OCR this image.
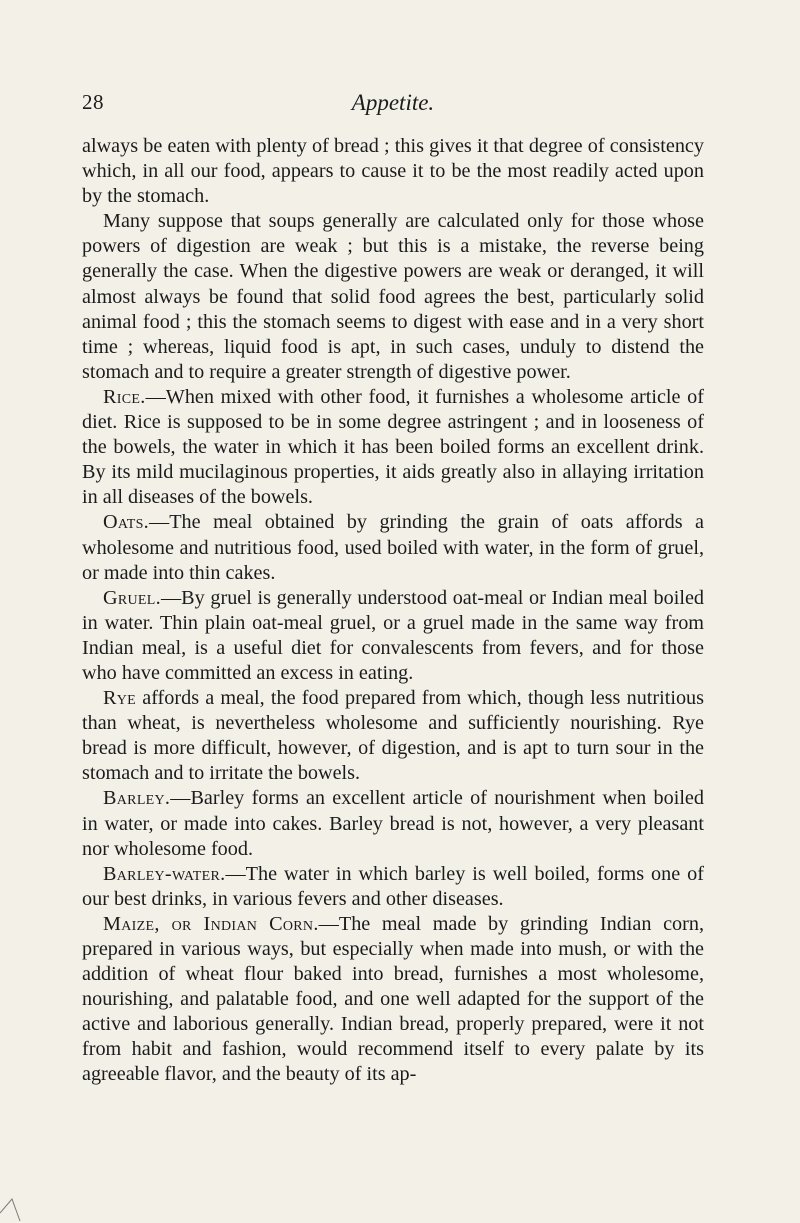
28	Appetite.

always be eaten with plenty of bread ; this gives it that degree of consistency which, in all our food, appears to cause it to be the most readily acted upon by the stomach.

Many suppose that soups generally are calculated only for those whose powers of digestion are weak ; but this is a mistake, the reverse being generally the case. When the digestive powers are weak or deranged, it will almost always be found that solid food agrees the best, particularly solid animal food ; this the stomach seems to digest with ease and in a very short time ; whereas, liquid food is apt, in such cases, unduly to distend the stomach and to require a greater strength of digestive power.

Rice.—When mixed with other food, it furnishes a wholesome article of diet. Rice is supposed to be in some degree astringent ; and in looseness of the bowels, the water in which it has been boiled forms an excellent drink. By its mild mucilaginous properties, it aids greatly also in allaying irritation in all diseases of the bowels.

Oats.—The meal obtained by grinding the grain of oats affords a wholesome and nutritious food, used boiled with water, in the form of gruel, or made into thin cakes.

Gruel.—By gruel is generally understood oat-meal or Indian meal boiled in water. Thin plain oat-meal gruel, or a gruel made in the same way from Indian meal, is a useful diet for convalescents from fevers, and for those who have committed an excess in eating.

Rye affords a meal, the food prepared from which, though less nutritious than wheat, is nevertheless wholesome and sufficiently nourishing. Rye bread is more difficult, however, of digestion, and is apt to turn sour in the stomach and to irritate the bowels.

Barley.—Barley forms an excellent article of nourishment when boiled in water, or made into cakes. Barley bread is not, however, a very pleasant nor wholesome food.

Barley-water.—The water in which barley is well boiled, forms one of our best drinks, in various fevers and other diseases.

Maize, or Indian Corn.—The meal made by grinding Indian corn, prepared in various ways, but especially when made into mush, or with the addition of wheat flour baked into bread, furnishes a most wholesome, nourishing, and palatable food, and one well adapted for the support of the active and laborious generally. Indian bread, properly prepared, were it not from habit and fashion, would recommend itself to every palate by its agreeable flavor, and the beauty of its ap-
